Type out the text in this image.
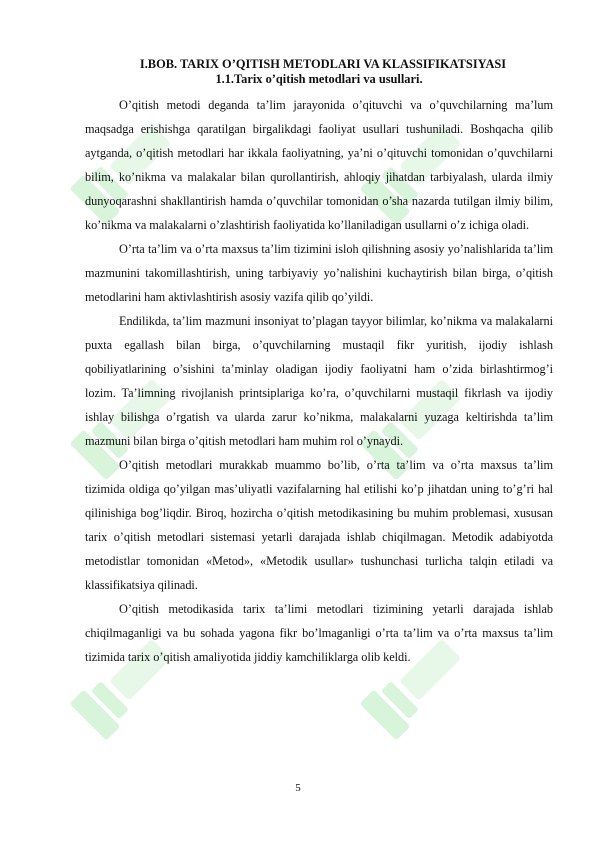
I.BOB. TARIX O’QITISH METODLARI VA KLASSIFIKATSIYASI
1.1.Tarix o’qitish metodlari va usullari.

O’qitish metodi deganda ta’lim jarayonida o’qituvchi va o’quvchilarning ma’lum maqsadga erishishga qaratilgan birgalikdagi faoliyat usullari tushuniladi. Boshqacha qilib aytganda, o’qitish metodlari har ikkala faoliyatning, ya’ni o’qituvchi tomonidan o’quvchilarni bilim, ko’nikma va malakalar bilan qurollantirish, ahloqiy jihatdan tarbiyalash, ularda ilmiy dunyoqarashni shakllantirish hamda o’quvchilar tomonidan o’sha nazarda tutilgan ilmiy bilim, ko’nikma va malakalarni o’zlashtirish faoliyatida ko’llaniladigan usullarni o’z ichiga oladi.

O’rta ta’lim va o’rta maxsus ta’lim tizimini isloh qilishning asosiy yo’nalishlarida ta’lim mazmunini takomillashtirish, uning tarbiyaviy yo’nalishini kuchaytirish bilan birga, o’qitish metodlarini ham aktivlashtirish asosiy vazifa qilib qo’yildi.

Endilikda, ta’lim mazmuni insoniyat to’plagan tayyor bilimlar, ko’nikma va malakalarni puxta egallash bilan birga, o’quvchilarning mustaqil fikr yuritish, ijodiy ishlash qobiliyatlarining o’sishini ta’minlay oladigan ijodiy faoliyatni ham o’zida birlashtirmog’i lozim. Ta’limning rivojlanish printsiplariga ko’ra, o’quvchilarni mustaqil fikrlash va ijodiy ishlay bilishga o’rgatish va ularda zarur ko’nikma, malakalarni yuzaga keltirishda ta’lim mazmuni bilan birga o’qitish metodlari ham muhim rol o’ynaydi.

O’qitish metodlari murakkab muammo bo’lib, o’rta ta’lim va o’rta maxsus ta’lim tizimida oldiga qo’yilgan mas’uliyatli vazifalarning hal etilishi ko’p jihatdan uning to’g’ri hal qilinishiga bog’liqdir. Biroq, hozircha o’qitish metodikasining bu muhim problemasi, xususan tarix o’qitish metodlari sistemasi yetarli darajada ishlab chiqilmagan. Metodik adabiyotda metodistlar tomonidan «Metod», «Metodik usullar» tushunchasi turlicha talqin etiladi va klassifikatsiya qilinadi.

O’qitish metodikasida tarix ta’limi metodlari tizimining yetarli darajada ishlab chiqilmaganligi va bu sohada yagona fikr bo’lmaganligi o’rta ta’lim va o’rta maxsus ta’lim tizimida tarix o’qitish amaliyotida jiddiy kamchiliklarga olib keldi.

5
